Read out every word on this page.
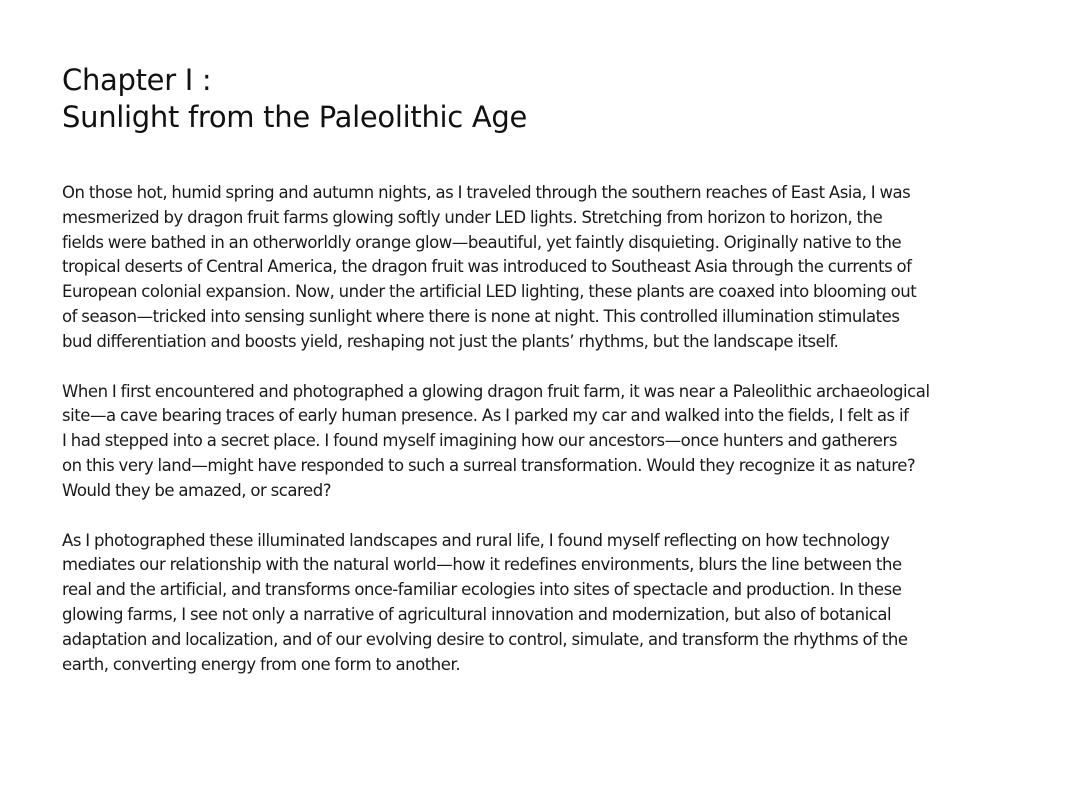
Chapter I :
Sunlight from the Paleolithic Age

On those hot, humid spring and autumn nights, as I traveled through the southern reaches of East Asia, I was
mesmerized by dragon fruit farms glowing softly under LED lights. Stretching from horizon to horizon, the
fields were bathed in an otherworldly orange glow—beautiful, yet faintly disquieting. Originally native to the
tropical deserts of Central America, the dragon fruit was introduced to Southeast Asia through the currents of
European colonial expansion. Now, under the artificial LED lighting, these plants are coaxed into blooming out
of season—tricked into sensing sunlight where there is none at night. This controlled illumination stimulates
bud differentiation and boosts yield, reshaping not just the plants’ rhythms, but the landscape itself.

When I first encountered and photographed a glowing dragon fruit farm, it was near a Paleolithic archaeological
site—a cave bearing traces of early human presence. As I parked my car and walked into the fields, I felt as if
I had stepped into a secret place. I found myself imagining how our ancestors—once hunters and gatherers
on this very land—might have responded to such a surreal transformation. Would they recognize it as nature?
Would they be amazed, or scared?

As I photographed these illuminated landscapes and rural life, I found myself reflecting on how technology
mediates our relationship with the natural world—how it redefines environments, blurs the line between the
real and the artificial, and transforms once-familiar ecologies into sites of spectacle and production. In these
glowing farms, I see not only a narrative of agricultural innovation and modernization, but also of botanical
adaptation and localization, and of our evolving desire to control, simulate, and transform the rhythms of the
earth, converting energy from one form to another.
